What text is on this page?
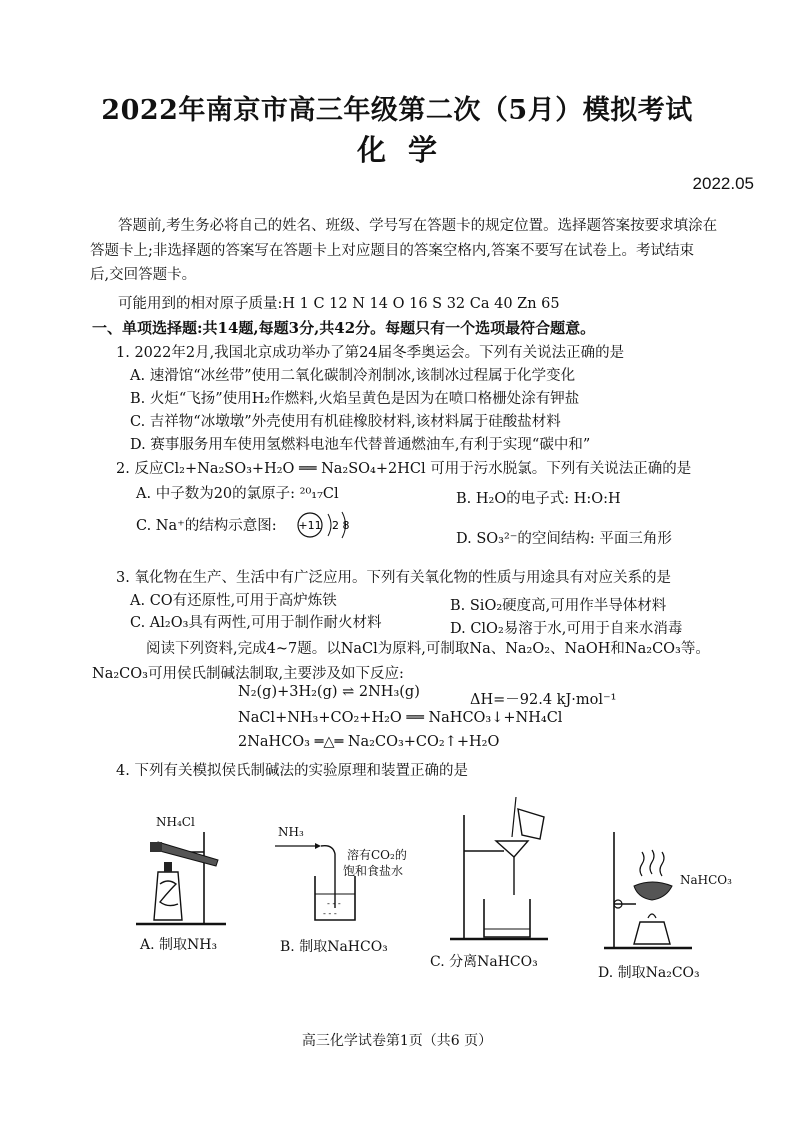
2022年南京市高三年级第二次（5月）模拟考试
化学
2022.05
答题前,考生务必将自己的姓名、班级、学号写在答题卡的规定位置。选择题答案按要求填涂在
答题卡上;非选择题的答案写在答题卡上对应题目的答案空格内,答案不要写在试卷上。考试结束
后,交回答题卡。
可能用到的相对原子质量:H 1 C 12 N 14 O 16 S 32 Ca 40 Zn 65
一、单项选择题:共14题,每题3分,共42分。每题只有一个选项最符合题意。
1. 2022年2月,我国北京成功举办了第24届冬季奥运会。下列有关说法正确的是
A. 速滑馆“冰丝带”使用二氧化碳制冷剂制冰,该制冰过程属于化学变化
B. 火炬“飞扬”使用H₂作燃料,火焰呈黄色是因为在喷口格栅处涂有钾盐
C. 吉祥物“冰墩墩”外壳使用有机硅橡胶材料,该材料属于硅酸盐材料
D. 赛事服务用车使用氢燃料电池车代替普通燃油车,有利于实现“碳中和”
2. 反应Cl₂+Na₂SO₃+H₂O ══ Na₂SO₄+2HCl 可用于污水脱氯。下列有关说法正确的是
A. 中子数为20的氯原子: ²⁰₁₇Cl	B. H₂O的电子式: H:O:H
C. Na⁺的结构示意图: +11 2 8
D. SO₃²⁻的空间结构: 平面三角形
3. 氧化物在生产、生活中有广泛应用。下列有关氧化物的性质与用途具有对应关系的是
A. CO有还原性,可用于高炉炼铁	B. SiO₂硬度高,可用作半导体材料
C. Al₂O₃具有两性,可用于制作耐火材料	D. ClO₂易溶于水,可用于自来水消毒
阅读下列资料,完成4~7题。以NaCl为原料,可制取Na、Na₂O₂、NaOH和Na₂CO₃等。
Na₂CO₃可用侯氏制碱法制取,主要涉及如下反应:
N₂(g)+3H₂(g) ⇌ 2NH₃(g)	ΔH=－92.4 kJ·mol⁻¹
NaCl+NH₃+CO₂+H₂O ══ NaHCO₃↓+NH₄Cl
2NaHCO₃ ═△═ Na₂CO₃+CO₂↑+H₂O
4. 下列有关模拟侯氏制碱法的实验原理和装置正确的是
NH₄Cl
A. 制取NH₃
- - -
- - -
NH₃
溶有CO₂的
饱和食盐水
B. 制取NaHCO₃
C. 分离NaHCO₃
NaHCO₃
D. 制取Na₂CO₃
高三化学试卷第1页（共6 页）
